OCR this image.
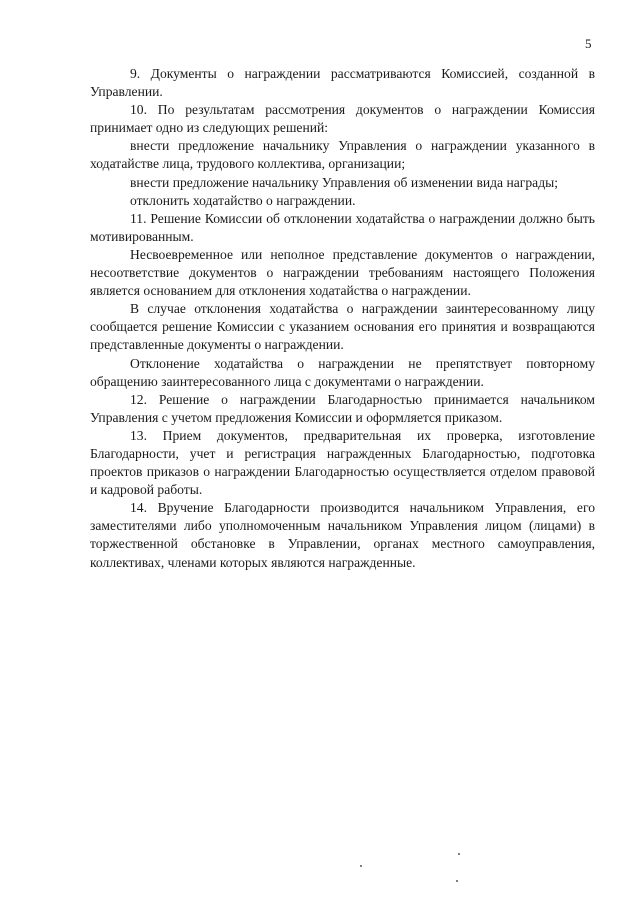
5

9. Документы о награждении рассматриваются Комиссией, созданной в Управлении.

10. По результатам рассмотрения документов о награждении Комиссия принимает одно из следующих решений:

внести предложение начальнику Управления о награждении указанного в ходатайстве лица, трудового коллектива, организации;

внести предложение начальнику Управления об изменении вида награды;

отклонить ходатайство о награждении.

11. Решение Комиссии об отклонении ходатайства о награждении должно быть мотивированным.

Несвоевременное или неполное представление документов о награждении, несоответствие документов о награждении требованиям настоящего Положения является основанием для отклонения ходатайства о награждении.

В случае отклонения ходатайства о награждении заинтересованному лицу сообщается решение Комиссии с указанием основания его принятия и возвращаются представленные документы о награждении.

Отклонение ходатайства о награждении не препятствует повторному обращению заинтересованного лица с документами о награждении.

12. Решение о награждении Благодарностью принимается начальником Управления с учетом предложения Комиссии и оформляется приказом.

13. Прием документов, предварительная их проверка, изготовление Благодарности, учет и регистрация награжденных Благодарностью, подготовка проектов приказов о награждении Благодарностью осуществляется отделом правовой и кадровой работы.

14. Вручение Благодарности производится начальником Управления, его заместителями либо уполномоченным начальником Управления лицом (лицами) в торжественной обстановке в Управлении, органах местного самоуправления, коллективах, членами которых являются награжденные.
